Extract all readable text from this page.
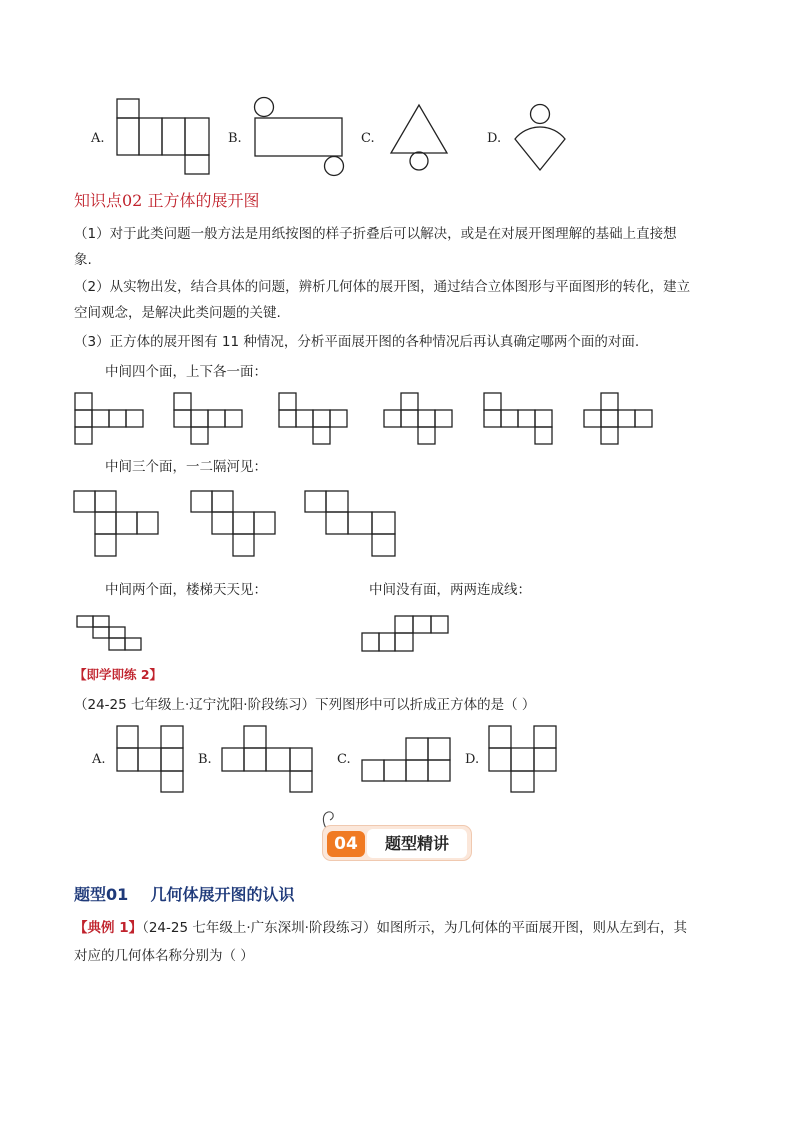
A.	B.	C.	D.
知识点02 正方体的展开图
（1）对于此类问题一般方法是用纸按图的样子折叠后可以解决，或是在对展开图理解的基础上直接想
象.
（2）从实物出发，结合具体的问题，辨析几何体的展开图，通过结合立体图形与平面图形的转化，建立
空间观念，是解决此类问题的关键.
（3）正方体的展开图有 11 种情况，分析平面展开图的各种情况后再认真确定哪两个面的对面.
中间四个面，上下各一面：
中间三个面，一二隔河见：
中间两个面，楼梯天天见：	中间没有面，两两连成线：
【即学即练 2】
（24-25 七年级上·辽宁沈阳·阶段练习）下列图形中可以折成正方体的是（ ）
A.	B.	C.	D.
04	题型精讲
题型01    几何体展开图的认识
【典例 1】（24-25 七年级上·广东深圳·阶段练习）如图所示，为几何体的平面展开图，则从左到右，其
对应的几何体名称分别为（ ）
